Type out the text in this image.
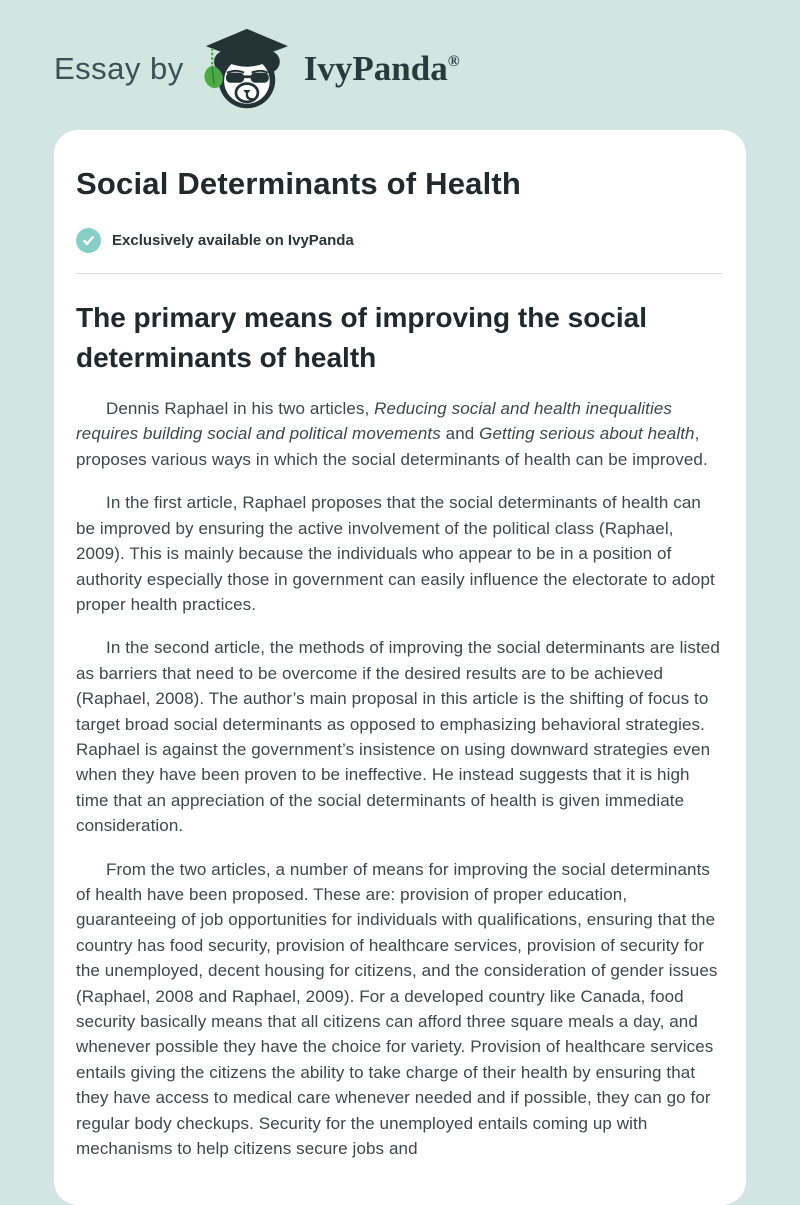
Essay by	IvyPanda®
Social Determinants of Health
Exclusively available on IvyPanda
The primary means of improving the social determinants of health

Dennis Raphael in his two articles, Reducing social and health inequalities requires building social and political movements and Getting serious about health, proposes various ways in which the social determinants of health can be improved.

In the first article, Raphael proposes that the social determinants of health can be improved by ensuring the active involvement of the political class (Raphael, 2009). This is mainly because the individuals who appear to be in a position of authority especially those in government can easily influence the electorate to adopt proper health practices.

In the second article, the methods of improving the social determinants are listed as barriers that need to be overcome if the desired results are to be achieved (Raphael, 2008). The author’s main proposal in this article is the shifting of focus to target broad social determinants as opposed to emphasizing behavioral strategies. Raphael is against the government’s insistence on using downward strategies even when they have been proven to be ineffective. He instead suggests that it is high time that an appreciation of the social determinants of health is given immediate consideration.

From the two articles, a number of means for improving the social determinants of health have been proposed. These are: provision of proper education, guaranteeing of job opportunities for individuals with qualifications, ensuring that the country has food security, provision of healthcare services, provision of security for the unemployed, decent housing for citizens, and the consideration of gender issues (Raphael, 2008 and Raphael, 2009). For a developed country like Canada, food security basically means that all citizens can afford three square meals a day, and whenever possible they have the choice for variety. Provision of healthcare services entails giving the citizens the ability to take charge of their health by ensuring that they have access to medical care whenever needed and if possible, they can go for regular body checkups. Security for the unemployed entails coming up with mechanisms to help citizens secure jobs and
